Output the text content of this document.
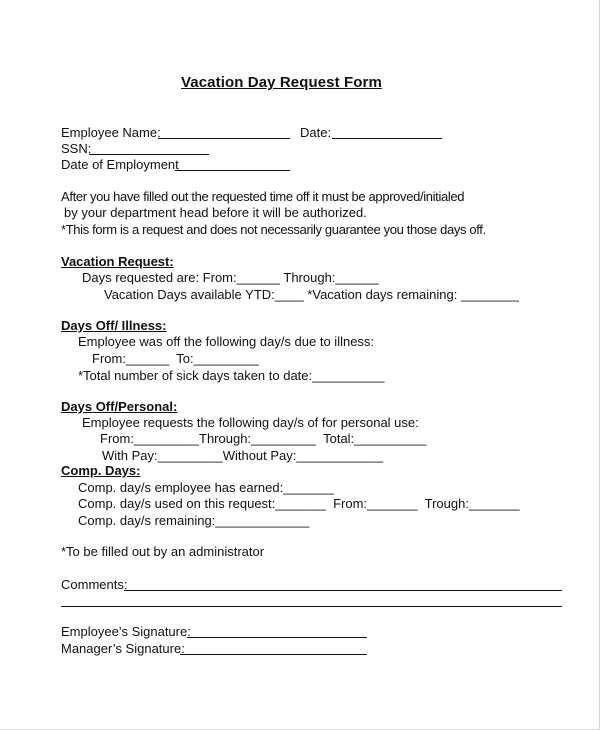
Vacation Day Request Form
Employee Name:	Date:
SSN:
Date of Employment
After you have filled out the requested time off it must be approved/initialed
by your department head before it will be authorized.
*This form is a request and does not necessarily guarantee you those days off.
Vacation Request:
Days requested are: From:______ Through:______
Vacation Days available YTD:____ *Vacation days remaining: ________
Days Off/ Illness:
Employee was off the following day/s due to illness:
From:______  To:_________
*Total number of sick days taken to date:__________
Days Off/Personal:
Employee requests the following day/s of for personal use:
From:_________Through:_________  Total:__________
With Pay:_________Without Pay:____________
Comp. Days:
Comp. day/s employee has earned:_______
Comp. day/s used on this request:_______  From:_______  Trough:_______
Comp. day/s remaining:_____________
*To be filled out by an administrator
Comments:
Employee’s Signature:
Manager’s Signature:
